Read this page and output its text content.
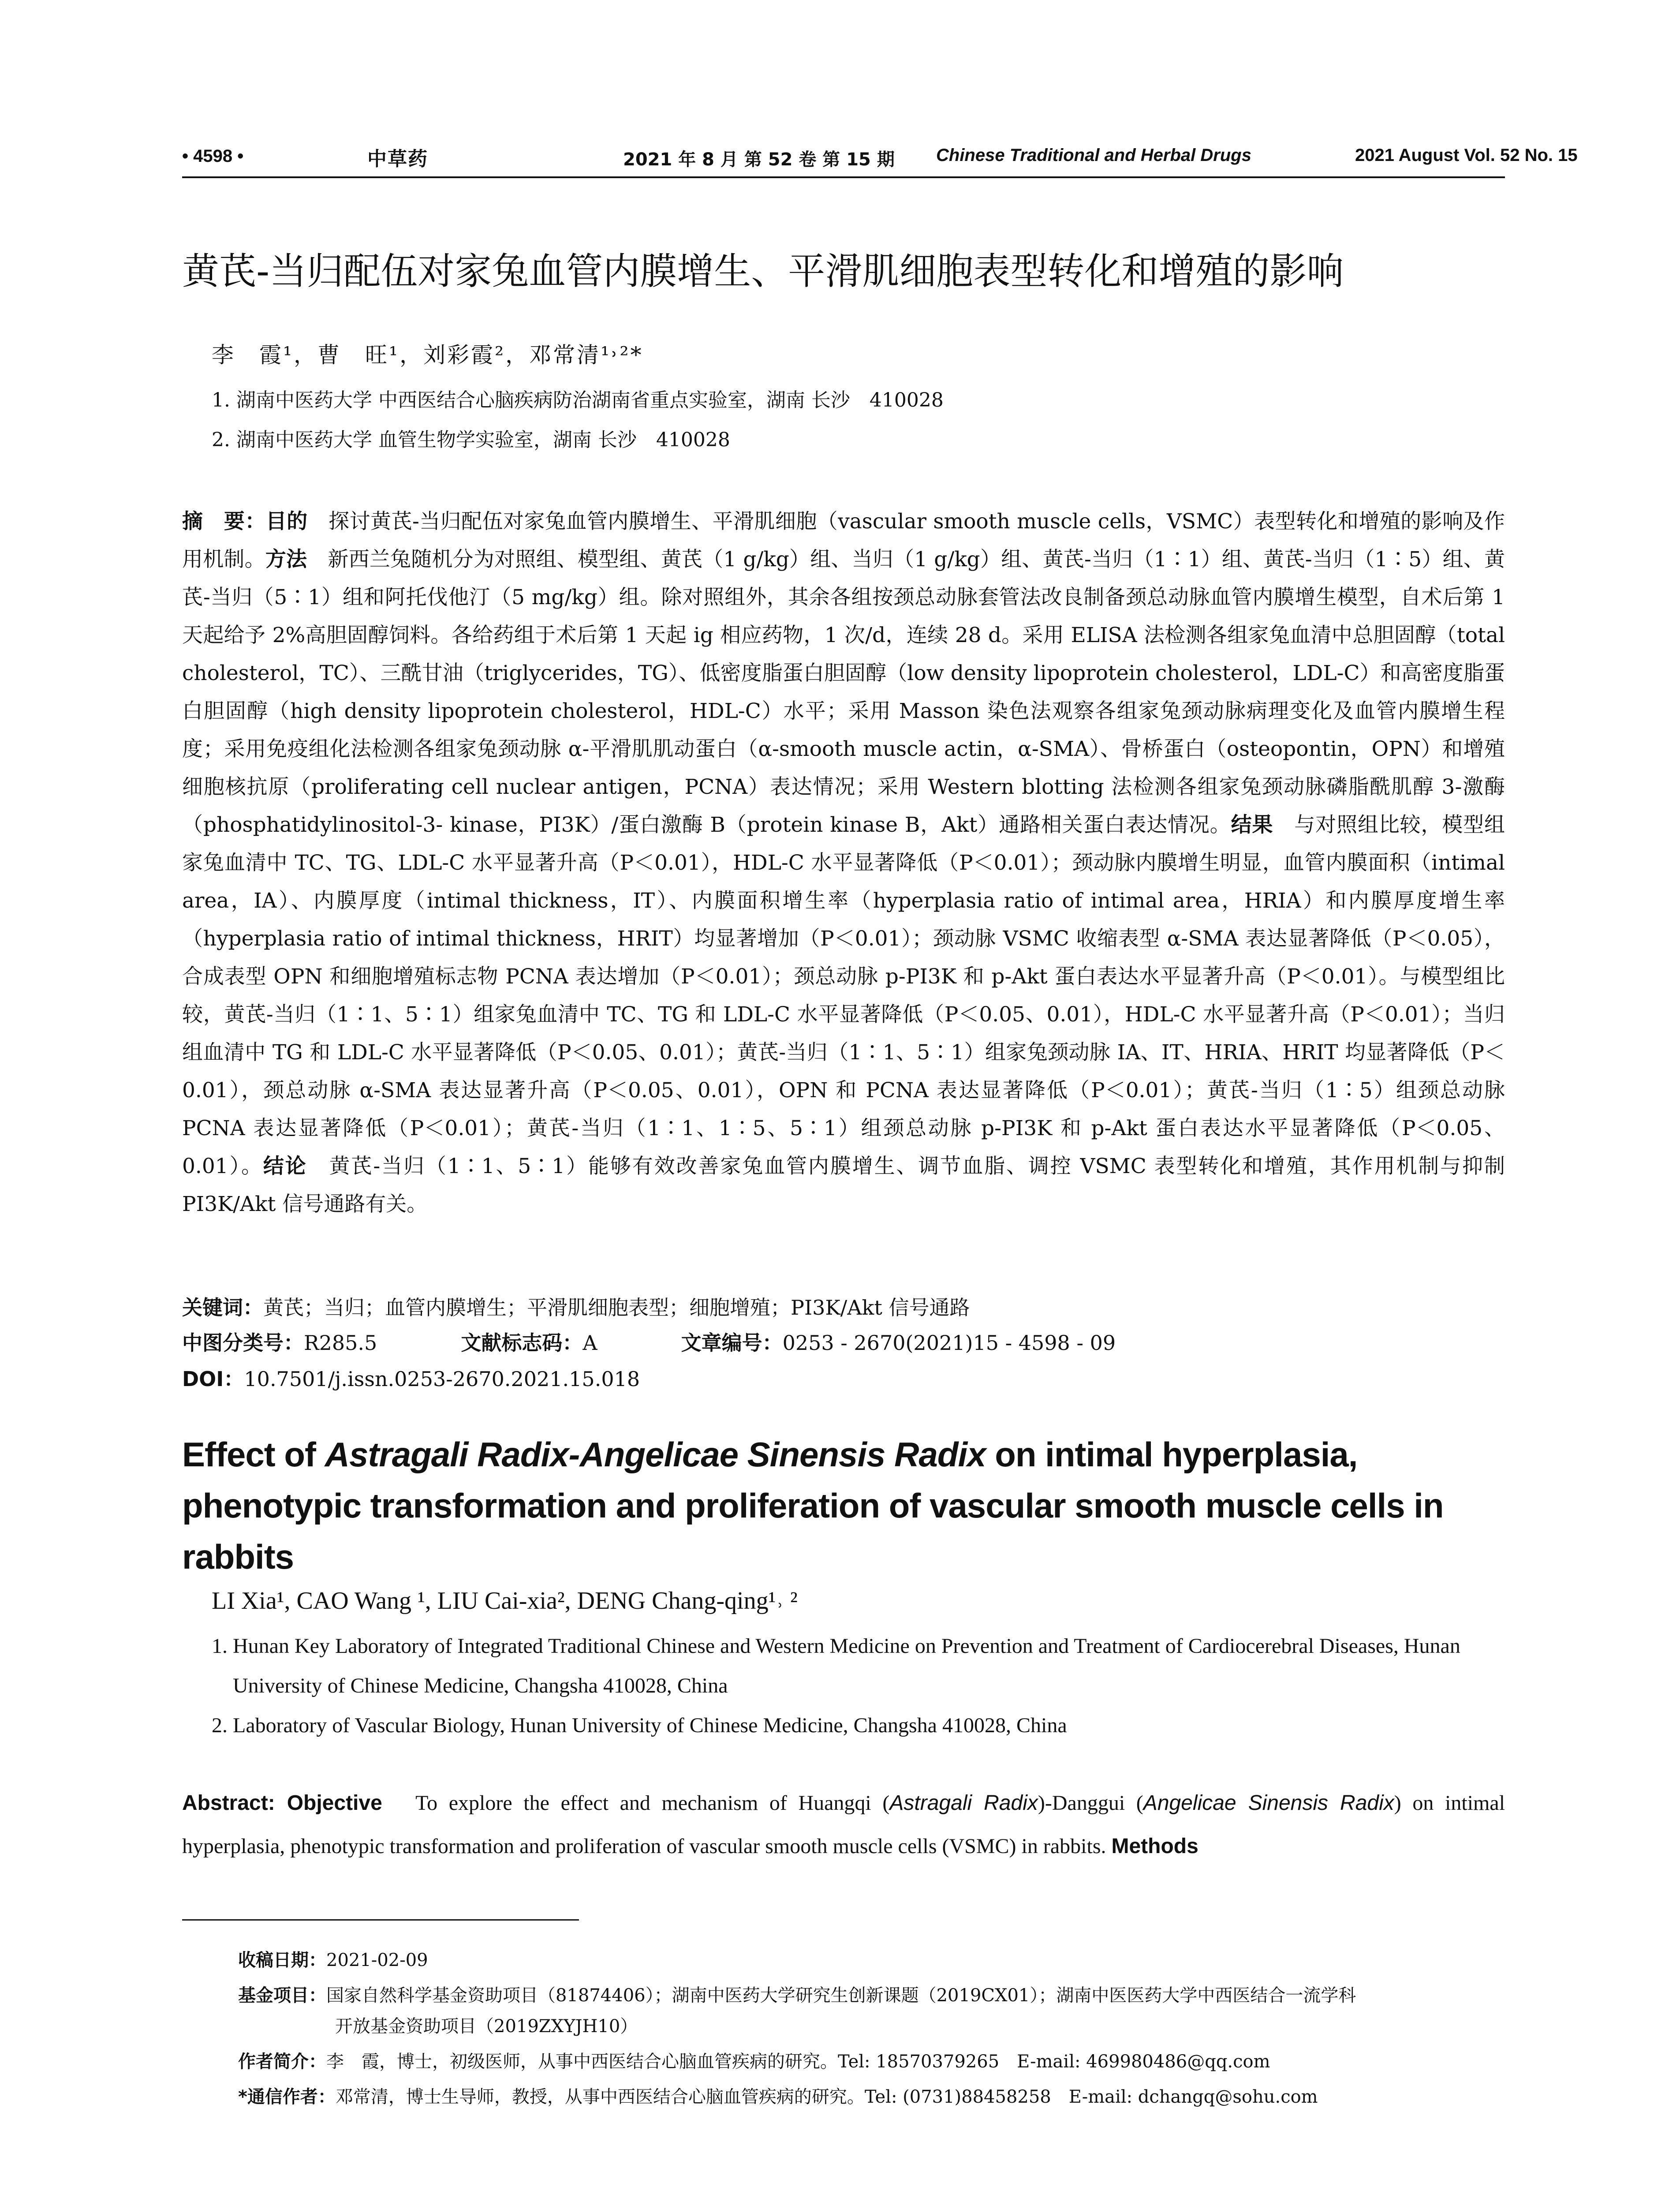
• 4598 •	中草药	2021 年 8 月 第 52 卷 第 15 期 Chinese Traditional and Herbal Drugs	2021 August Vol. 52 No. 15
黄芪-当归配伍对家兔血管内膜增生、平滑肌细胞表型转化和增殖的影响
李　霞¹，曹　旺¹，刘彩霞²，邓常清¹˒²*
1. 湖南中医药大学 中西医结合心脑疾病防治湖南省重点实验室，湖南 长沙　410028
2. 湖南中医药大学 血管生物学实验室，湖南 长沙　410028
摘　要：目的　探讨黄芪-当归配伍对家兔血管内膜增生、平滑肌细胞（vascular smooth muscle cells，VSMC）表型转化和增殖的影响及作用机制。方法　新西兰兔随机分为对照组、模型组、黄芪（1 g/kg）组、当归（1 g/kg）组、黄芪-当归（1∶1）组、黄芪-当归（1∶5）组、黄芪-当归（5∶1）组和阿托伐他汀（5 mg/kg）组。除对照组外，其余各组按颈总动脉套管法改良制备颈总动脉血管内膜增生模型，自术后第 1 天起给予 2%高胆固醇饲料。各给药组于术后第 1 天起 ig 相应药物，1 次/d，连续 28 d。采用 ELISA 法检测各组家兔血清中总胆固醇（total cholesterol，TC）、三酰甘油（triglycerides，TG）、低密度脂蛋白胆固醇（low density lipoprotein cholesterol，LDL-C）和高密度脂蛋白胆固醇（high density lipoprotein cholesterol，HDL-C）水平；采用 Masson 染色法观察各组家兔颈动脉病理变化及血管内膜增生程度；采用免疫组化法检测各组家兔颈动脉 α-平滑肌肌动蛋白（α-smooth muscle actin，α-SMA）、骨桥蛋白（osteopontin，OPN）和增殖细胞核抗原（proliferating cell nuclear antigen，PCNA）表达情况；采用 Western blotting 法检测各组家兔颈动脉磷脂酰肌醇 3-激酶（phosphatidylinositol-3- kinase，PI3K）/蛋白激酶 B（protein kinase B，Akt）通路相关蛋白表达情况。结果　与对照组比较，模型组家兔血清中 TC、TG、LDL-C 水平显著升高（P＜0.01），HDL-C 水平显著降低（P＜0.01）；颈动脉内膜增生明显，血管内膜面积（intimal area，IA）、内膜厚度（intimal thickness，IT）、内膜面积增生率（hyperplasia ratio of intimal area，HRIA）和内膜厚度增生率（hyperplasia ratio of intimal thickness，HRIT）均显著增加（P＜0.01）；颈动脉 VSMC 收缩表型 α-SMA 表达显著降低（P＜0.05），合成表型 OPN 和细胞增殖标志物 PCNA 表达增加（P＜0.01）；颈总动脉 p-PI3K 和 p-Akt 蛋白表达水平显著升高（P＜0.01）。与模型组比较，黄芪-当归（1∶1、5∶1）组家兔血清中 TC、TG 和 LDL-C 水平显著降低（P＜0.05、0.01），HDL-C 水平显著升高（P＜0.01）；当归组血清中 TG 和 LDL-C 水平显著降低（P＜0.05、0.01）；黄芪-当归（1∶1、5∶1）组家兔颈动脉 IA、IT、HRIA、HRIT 均显著降低（P＜0.01），颈总动脉 α-SMA 表达显著升高（P＜0.05、0.01），OPN 和 PCNA 表达显著降低（P＜0.01）；黄芪-当归（1∶5）组颈总动脉 PCNA 表达显著降低（P＜0.01）；黄芪-当归（1∶1、1∶5、5∶1）组颈总动脉 p-PI3K 和 p-Akt 蛋白表达水平显著降低（P＜0.05、0.01）。结论　黄芪-当归（1∶1、5∶1）能够有效改善家兔血管内膜增生、调节血脂、调控 VSMC 表型转化和增殖，其作用机制与抑制 PI3K/Akt 信号通路有关。
关键词：黄芪；当归；血管内膜增生；平滑肌细胞表型；细胞增殖；PI3K/Akt 信号通路
中图分类号：R285.5	文献标志码：A	文章编号：0253 - 2670(2021)15 - 4598 - 09
DOI：10.7501/j.issn.0253-2670.2021.15.018
Effect of Astragali Radix-Angelicae Sinensis Radix on intimal hyperplasia, phenotypic transformation and proliferation of vascular smooth muscle cells in rabbits
LI Xia¹, CAO Wang ¹, LIU Cai-xia², DENG Chang-qing¹˒ ²
1. Hunan Key Laboratory of Integrated Traditional Chinese and Western Medicine on Prevention and Treatment of Cardiocerebral Diseases, Hunan University of Chinese Medicine, Changsha 410028, China
2. Laboratory of Vascular Biology, Hunan University of Chinese Medicine, Changsha 410028, China
Abstract: Objective　To explore the effect and mechanism of Huangqi (Astragali Radix)-Danggui (Angelicae Sinensis Radix) on intimal hyperplasia, phenotypic transformation and proliferation of vascular smooth muscle cells (VSMC) in rabbits. Methods
收稿日期：2021-02-09
基金项目：国家自然科学基金资助项目（81874406）；湖南中医药大学研究生创新课题（2019CX01）；湖南中医医药大学中西医结合一流学科
开放基金资助项目（2019ZXYJH10）
作者简介：李　霞，博士，初级医师，从事中西医结合心脑血管疾病的研究。Tel: 18570379265　E-mail: 469980486@qq.com
*通信作者：邓常清，博士生导师，教授，从事中西医结合心脑血管疾病的研究。Tel: (0731)88458258　E-mail: dchangq@sohu.com
